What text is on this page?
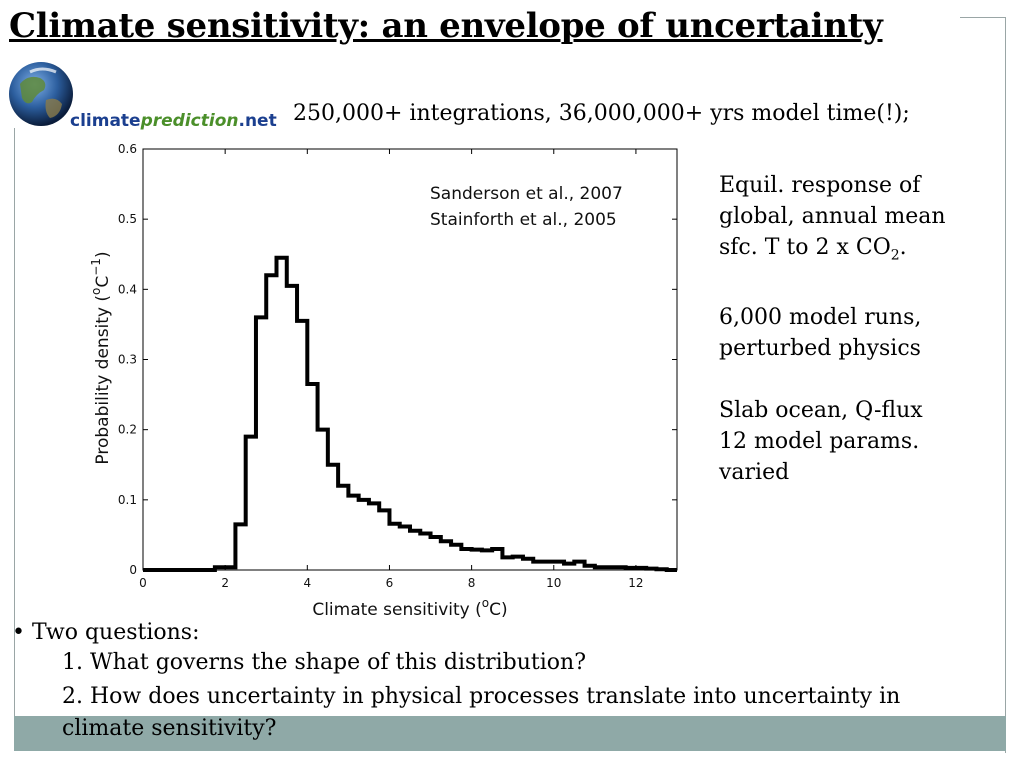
Climate sensitivity: an envelope of uncertainty
climateprediction.net 250,000+ integrations, 36,000,000+ yrs model time(!);
0	2	4	6	8	10	12
0
0.1
0.2
0.3
0.4
0.5
0.6
Sanderson et al., 2007
Stainforth et al., 2005
Climate sensitivity ($^o$C)
Probability density $(^oC^{-1})$

Equil. response of
global, annual mean
sfc. T to 2 x $CO_2$.

6,000 model runs,
perturbed physics

Slab ocean, Q-flux
12 model params.
varied

• Two questions:
1. What governs the shape of this distribution?
2. How does uncertainty in physical processes translate into uncertainty in
climate sensitivity?
